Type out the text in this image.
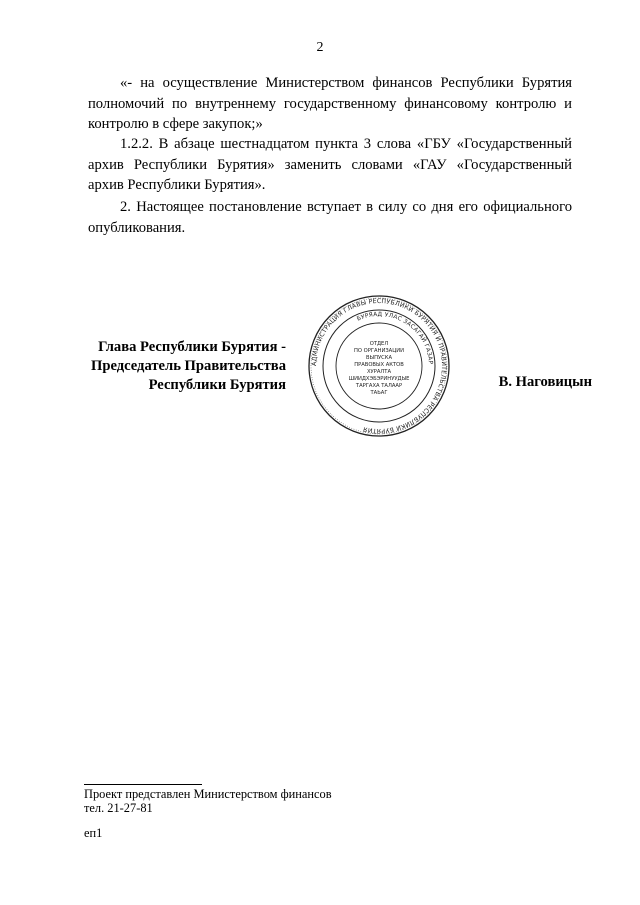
2

«- на осуществление Министерством финансов Республики Бурятия полномочий по внутреннему государственному финансовому контролю и контролю в сфере закупок;»

1.2.2. В абзаце шестнадцатом пункта 3 слова «ГБУ «Государственный архив Республики Бурятия» заменить словами «ГАУ «Государственный архив Республики Бурятия».

2. Настоящее постановление вступает в силу со дня его официального опубликования.

Глава Республики Бурятия -
Председатель Правительства
Республики Бурятия
АДМИНИСТРАЦИЯ ГЛАВЫ РЕСПУБЛИКИ БУРЯТИЯ И ПРАВИТЕЛЬСТВА РЕСПУБЛИКИ БУРЯТИЯ
БУРЯАД УЛАС ЗАСАГАЙ ГАЗАР
ОТДЕЛ
ПО ОРГАНИЗАЦИИ
ВЫПУСКА
ПРАВОВЫХ АКТОВ
ХУРАЛТА
ШИИДХЭБЭРИНУУДЫЕ
ТАРГАХА ТАЛААР
ТАЬАГ
В. Наговицын
Проект представлен Министерством финансов
тел. 21-27-81
еп1
